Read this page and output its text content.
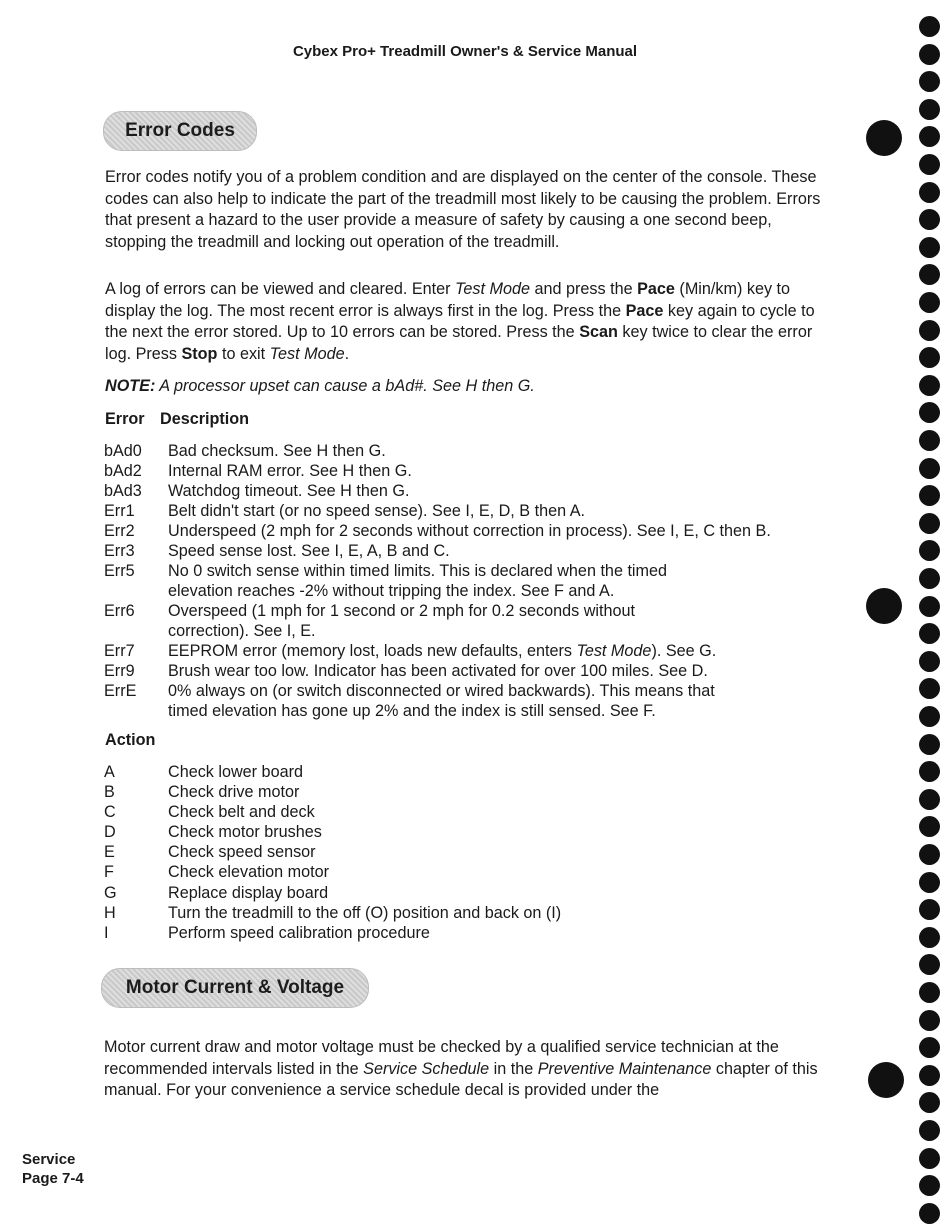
Cybex Pro+ Treadmill Owner's & Service Manual
Error Codes

Error codes notify you of a problem condition and are displayed on the center of the console. These codes can also help to indicate the part of the treadmill most likely to be causing the problem. Errors that present a hazard to the user provide a measure of safety by causing a one second beep, stopping the treadmill and locking out operation of the treadmill.

A log of errors can be viewed and cleared. Enter Test Mode and press the Pace (Min/km) key to display the log. The most recent error is always first in the log. Press the Pace key again to cycle to the next the error stored. Up to 10 errors can be stored. Press the Scan key twice to clear the error log. Press Stop to exit Test Mode.

NOTE: A processor upset can cause a bAd#. See H then G.
Error Description
bAd0	Bad checksum. See H then G.
bAd2	Internal RAM error. See H then G.
bAd3	Watchdog timeout. See H then G.
Err1	Belt didn't start (or no speed sense). See I, E, D, B then A.
Err2	Underspeed (2 mph for 2 seconds without correction in process). See I, E, C then B.
Err3	Speed sense lost. See I, E, A, B and C.
Err5	No 0 switch sense within timed limits. This is declared when the timed elevation reaches -2% without tripping the index. See F and A.
Err6	Overspeed (1 mph for 1 second or 2 mph for 0.2 seconds without correction). See I, E.
Err7	EEPROM error (memory lost, loads new defaults, enters Test Mode). See G.
Err9	Brush wear too low. Indicator has been activated for over 100 miles. See D.
ErrE	0% always on (or switch disconnected or wired backwards). This means that timed elevation has gone up 2% and the index is still sensed. See F.
Action
A	Check lower board
B	Check drive motor
C	Check belt and deck
D	Check motor brushes
E	Check speed sensor
F	Check elevation motor
G	Replace display board
H	Turn the treadmill to the off (O) position and back on (I)
I	Perform speed calibration procedure
Motor Current & Voltage

Motor current draw and motor voltage must be checked by a qualified service technician at the recommended intervals listed in the Service Schedule in the Preventive Maintenance chapter of this manual. For your convenience a service schedule decal is provided under the

Service
Page 7-4
